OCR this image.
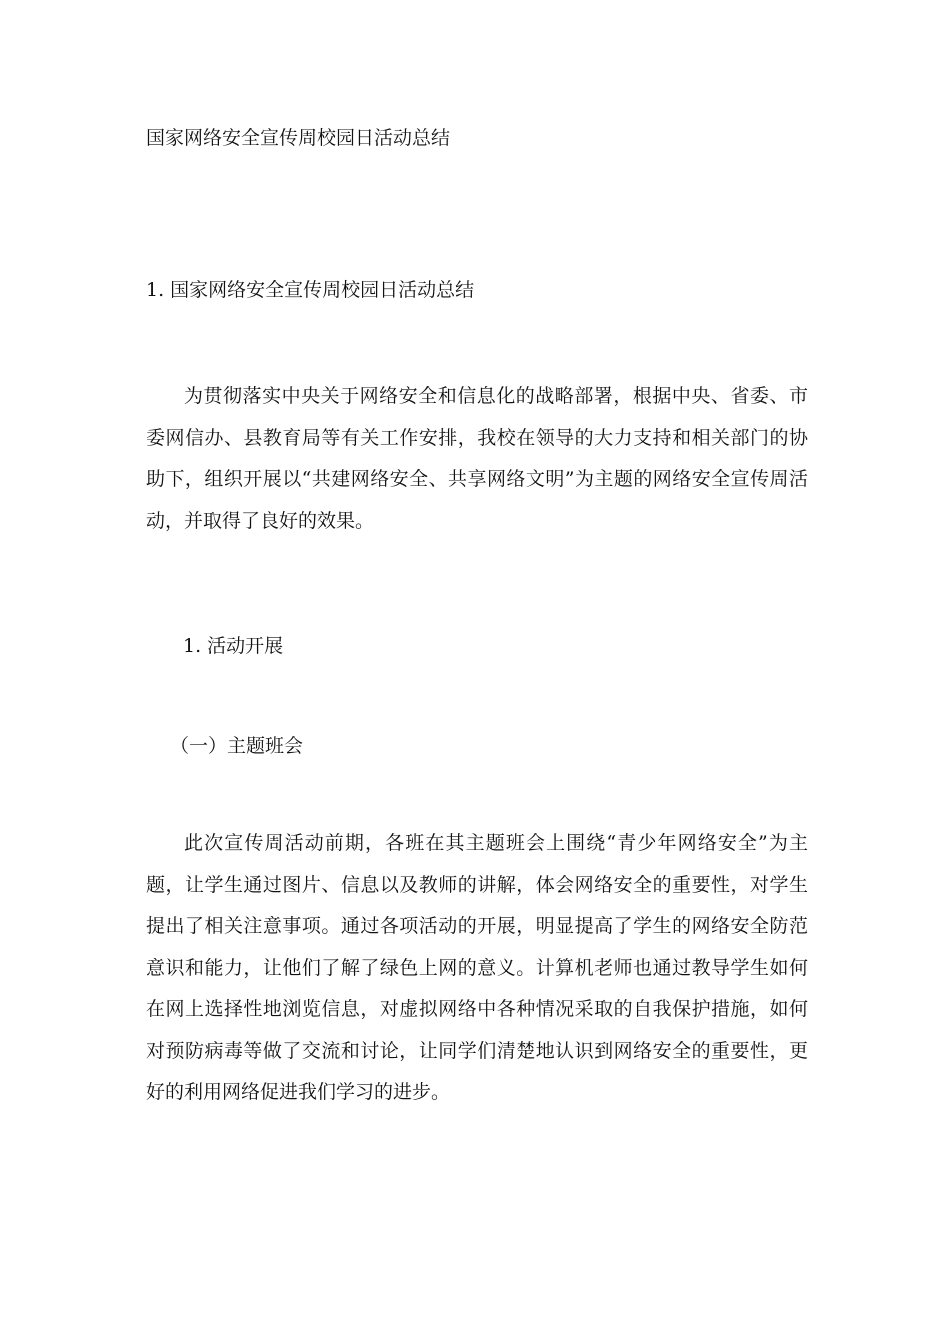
国家网络安全宣传周校园日活动总结
1. 国家网络安全宣传周校园日活动总结

为贯彻落实中央关于网络安全和信息化的战略部署，根据中央、省委、市委网信办、县教育局等有关工作安排，我校在领导的大力支持和相关部门的协助下，组织开展以“共建网络安全、共享网络文明”为主题的网络安全宣传周活动，并取得了良好的效果。

1. 活动开展
（一）主题班会

此次宣传周活动前期，各班在其主题班会上围绕“青少年网络安全”为主题，让学生通过图片、信息以及教师的讲解，体会网络安全的重要性，对学生提出了相关注意事项。通过各项活动的开展，明显提高了学生的网络安全防范意识和能力，让他们了解了绿色上网的意义。计算机老师也通过教导学生如何在网上选择性地浏览信息，对虚拟网络中各种情况采取的自我保护措施，如何对预防病毒等做了交流和讨论，让同学们清楚地认识到网络安全的重要性，更好的利用网络促进我们学习的进步。
